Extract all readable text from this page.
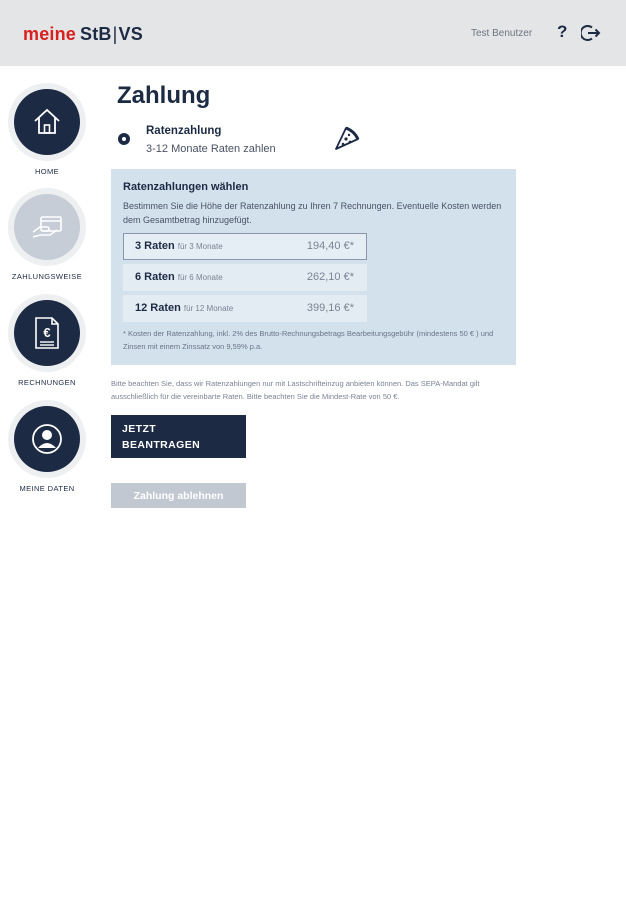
meine StB|VS	Test Benutzer ?
HOME
ZAHLUNGSWEISE
€
RECHNUNGEN
MEINE DATEN
Zahlung
Ratenzahlung
3-12 Monate Raten zahlen
Ratenzahlungen wählen
Bestimmen Sie die Höhe der Ratenzahlung zu Ihren 7 Rechnungen. Eventuelle Kosten werden dem Gesamtbetrag hinzugefügt.
3 Raten für 3 Monate	194,40 €*
6 Raten für 6 Monate	262,10 €*
12 Raten für 12 Monate	399,16 €*
* Kosten der Ratenzahlung, inkl. 2% des Brutto-Rechnungsbetrags Bearbeitungsgebühr (mindestens 50 € ) und Zinsen mit einem Zinssatz von 9,59% p.a.
Bitte beachten Sie, dass wir Ratenzahlungen nur mit Lastschrifteinzug anbieten können. Das SEPA-Mandat gilt ausschließlich für die vereinbarte Raten. Bitte beachten Sie die Mindest-Rate von 50 €.
JETZT
BEANTRAGEN
Zahlung ablehnen
